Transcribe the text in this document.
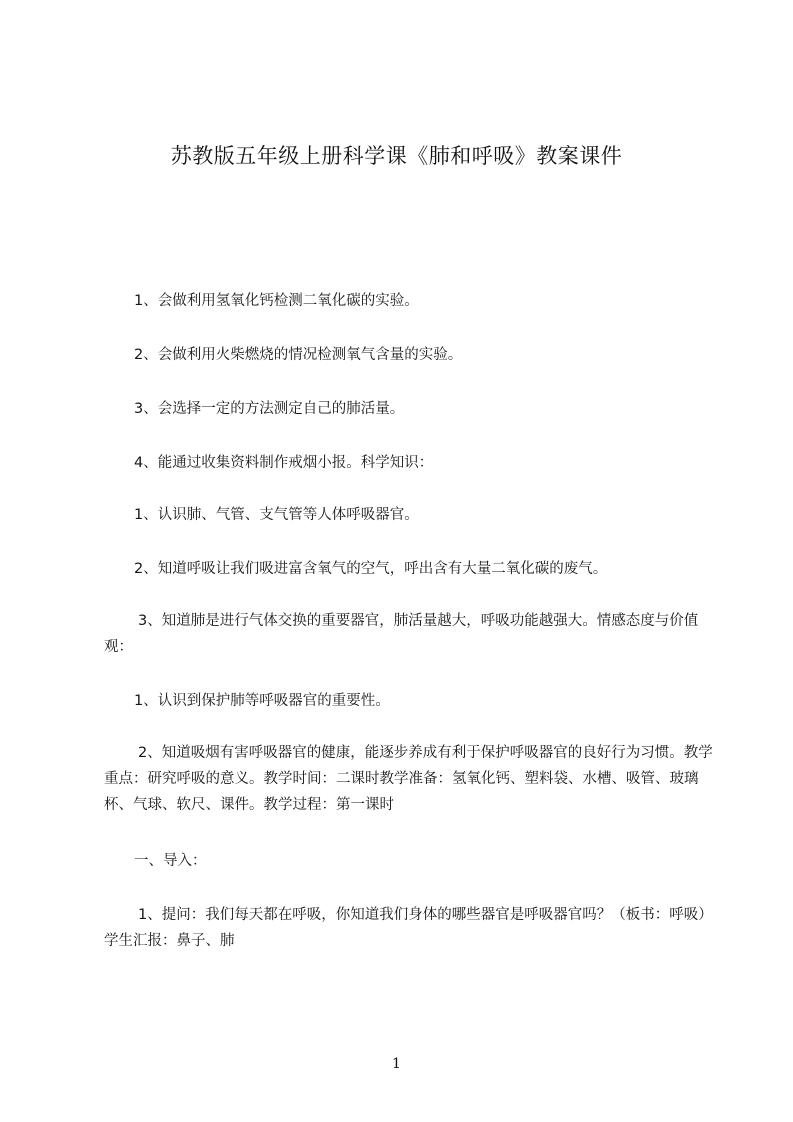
苏教版五年级上册科学课《肺和呼吸》教案课件
1、会做利用氢氧化钙检测二氧化碳的实验。
2、会做利用火柴燃烧的情况检测氧气含量的实验。
3、会选择一定的方法测定自己的肺活量。
4、能通过收集资料制作戒烟小报。科学知识：
1、认识肺、气管、支气管等人体呼吸器官。
2、知道呼吸让我们吸进富含氧气的空气，呼出含有大量二氧化碳的废气。
3、知道肺是进行气体交换的重要器官，肺活量越大，呼吸功能越强大。情感态度与价值观：
1、认识到保护肺等呼吸器官的重要性。
2、知道吸烟有害呼吸器官的健康，能逐步养成有利于保护呼吸器官的良好行为习惯。教学重点：研究呼吸的意义。教学时间：二课时教学准备：氢氧化钙、塑料袋、水槽、吸管、玻璃杯、气球、软尺、课件。教学过程：第一课时
一、导入：
1、提问：我们每天都在呼吸，你知道我们身体的哪些器官是呼吸器官吗？（板书：呼吸）学生汇报：鼻子、肺
1
